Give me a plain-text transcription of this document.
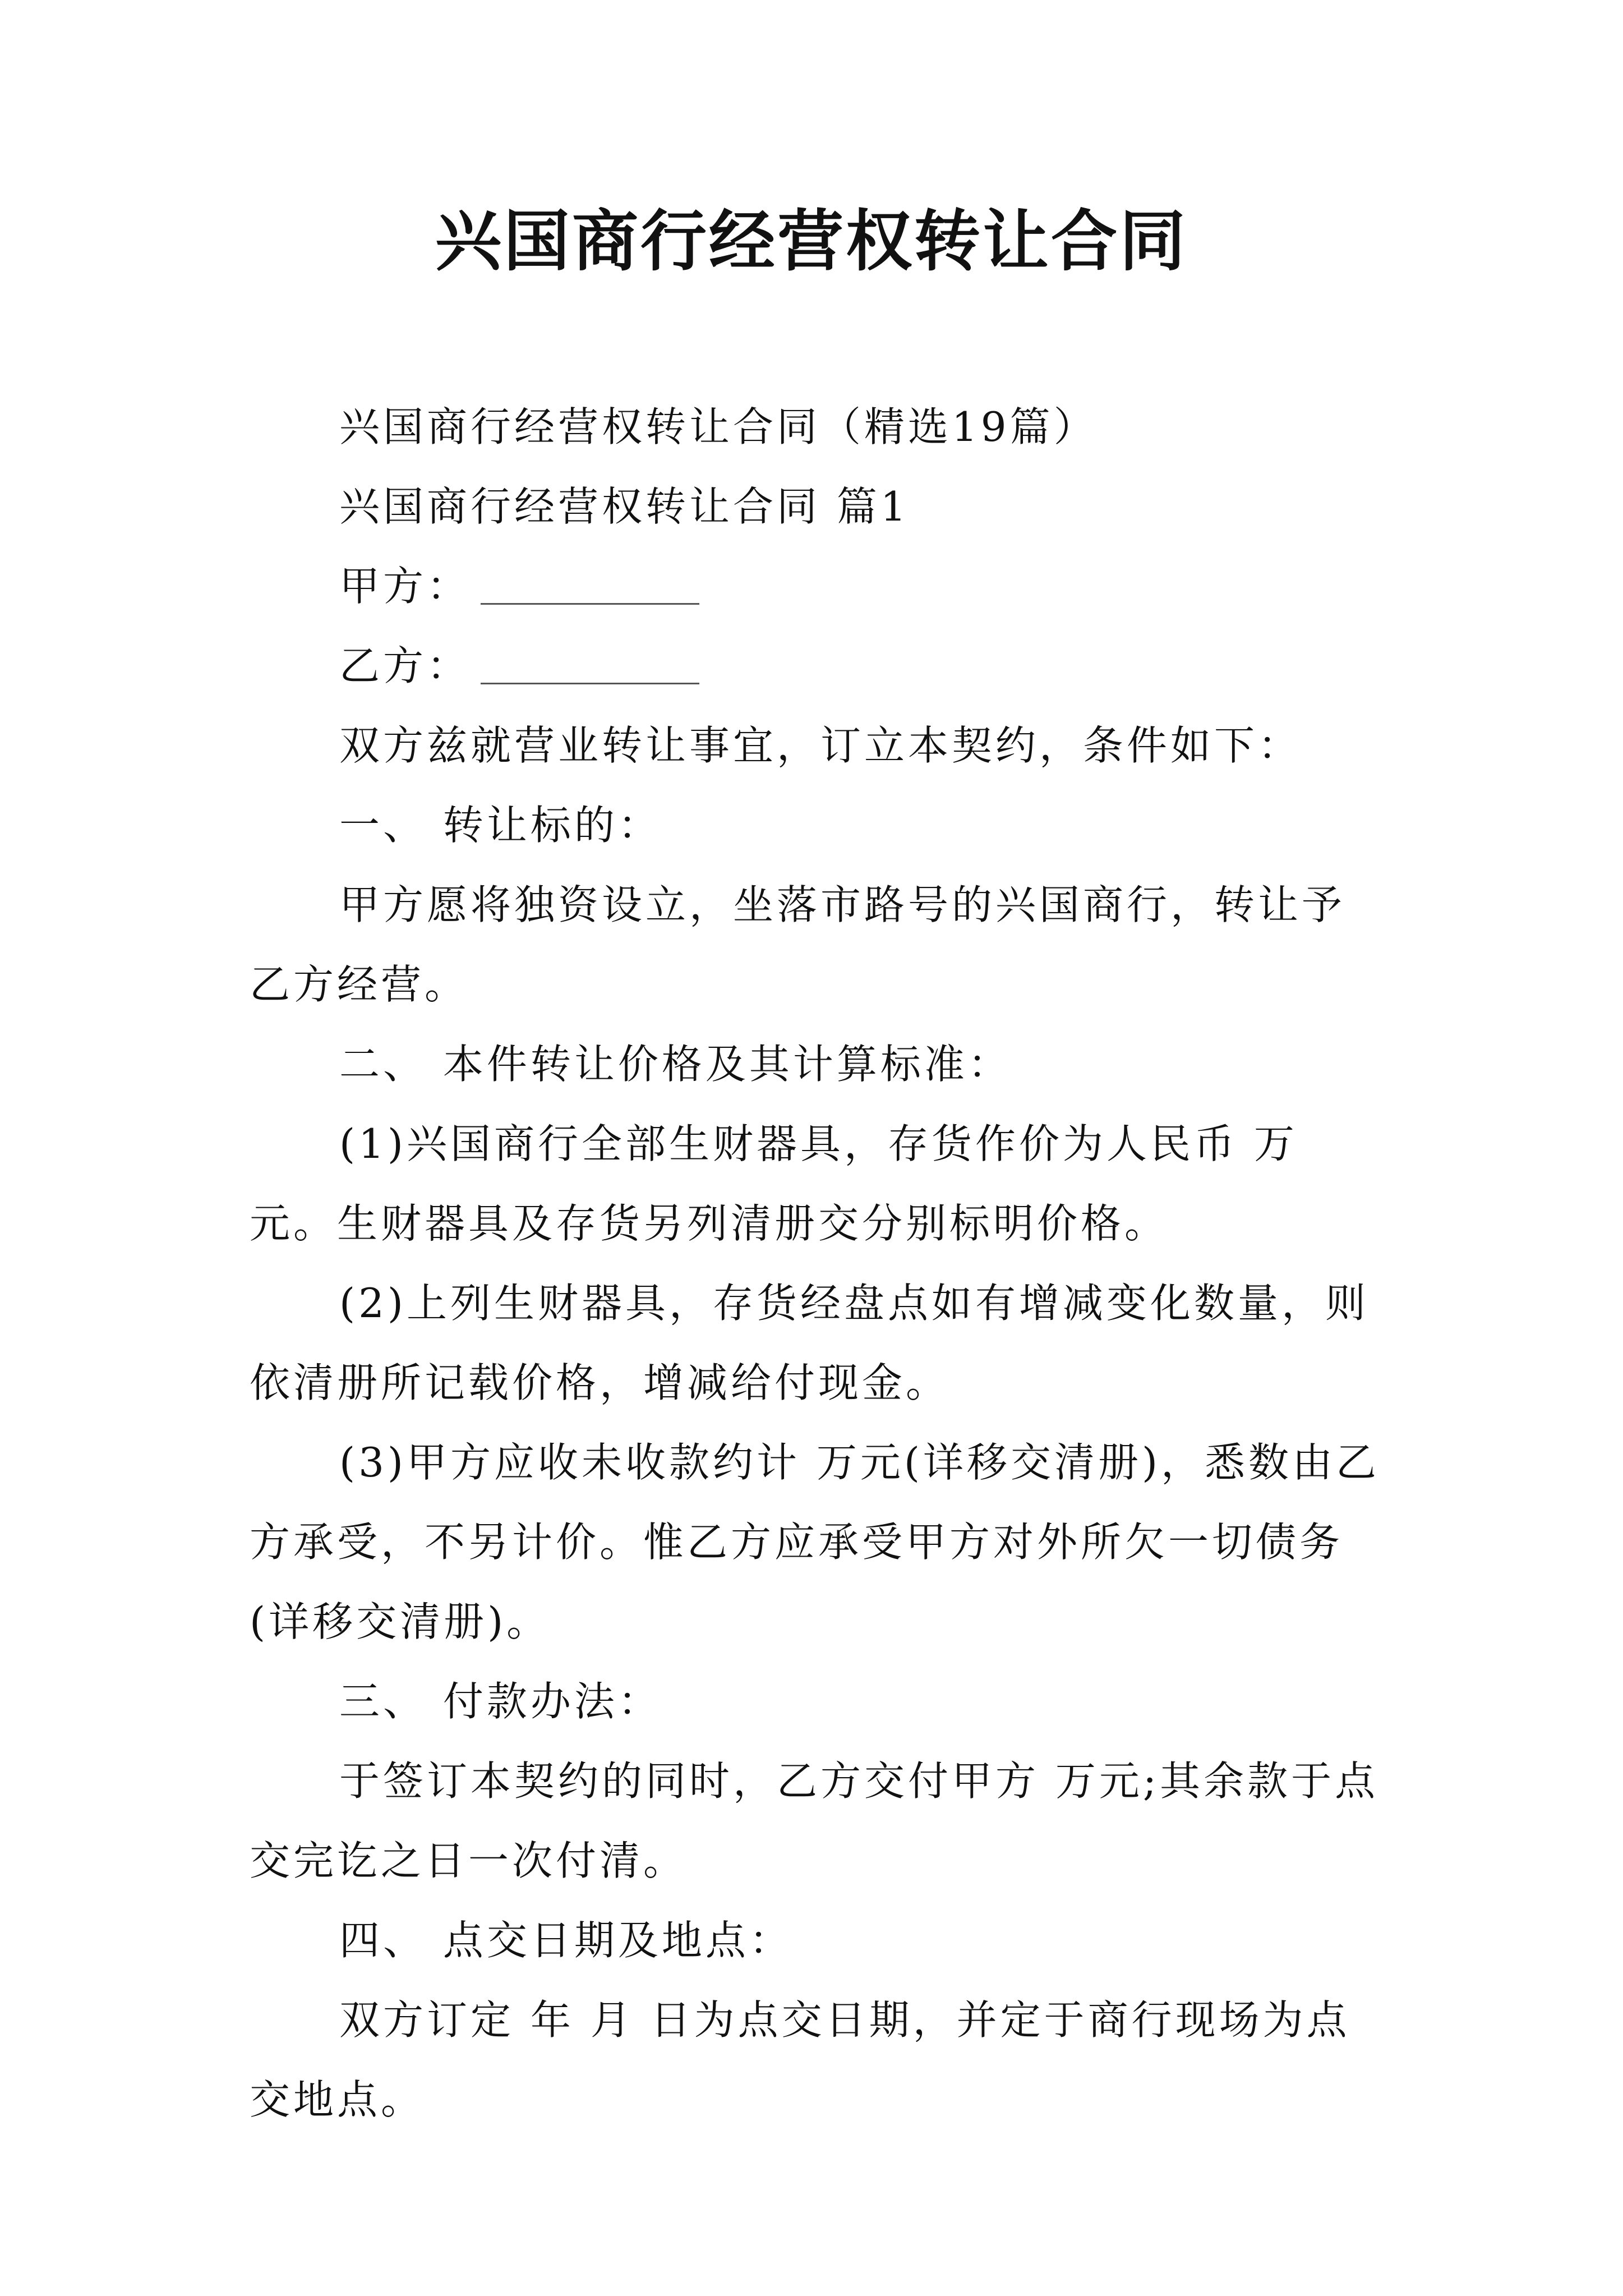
兴国商行经营权转让合同

兴国商行经营权转让合同（精选19篇）

兴国商行经营权转让合同 篇1

甲方：

乙方：

双方兹就营业转让事宜，订立本契约，条件如下：

一、 转让标的：

甲方愿将独资设立，坐落市路号的兴国商行，转让予乙方经营。

二、 本件转让价格及其计算标准：

(1)兴国商行全部生财器具，存货作价为人民币 万元。生财器具及存货另列清册交分别标明价格。

(2)上列生财器具，存货经盘点如有增减变化数量，则依清册所记载价格，增减给付现金。

(3)甲方应收未收款约计 万元(详移交清册)，悉数由乙方承受，不另计价。惟乙方应承受甲方对外所欠一切债务(详移交清册)。

三、 付款办法：

于签订本契约的同时，乙方交付甲方 万元;其余款于点交完讫之日一次付清。

四、 点交日期及地点：

双方订定 年 月 日为点交日期，并定于商行现场为点交地点。
